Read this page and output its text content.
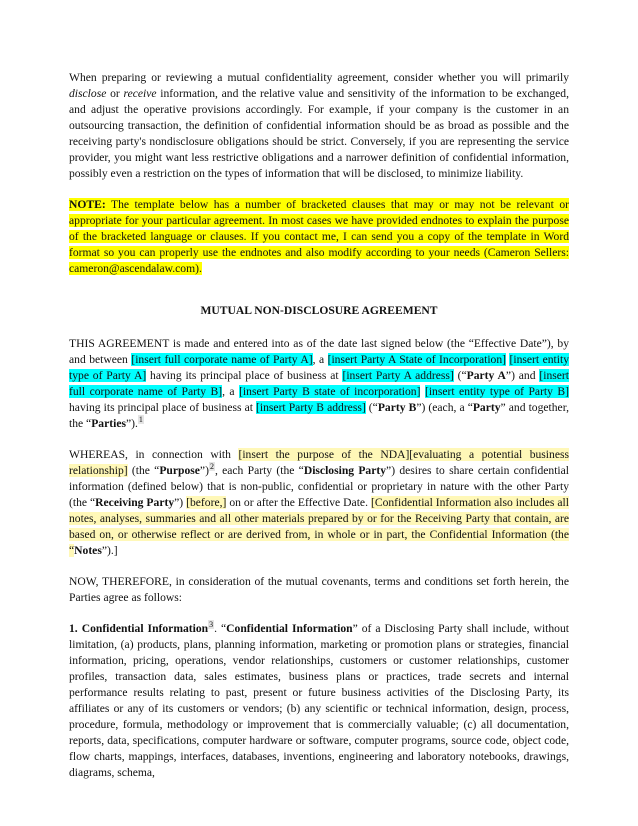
When preparing or reviewing a mutual confidentiality agreement, consider whether you will primarily disclose or receive information, and the relative value and sensitivity of the information to be exchanged, and adjust the operative provisions accordingly. For example, if your company is the customer in an outsourcing transaction, the definition of confidential information should be as broad as possible and the receiving party's nondisclosure obligations should be strict. Conversely, if you are representing the service provider, you might want less restrictive obligations and a narrower definition of confidential information, possibly even a restriction on the types of information that will be disclosed, to minimize liability.

NOTE: The template below has a number of bracketed clauses that may or may not be relevant or appropriate for your particular agreement. In most cases we have provided endnotes to explain the purpose of the bracketed language or clauses. If you contact me, I can send you a copy of the template in Word format so you can properly use the endnotes and also modify according to your needs (Cameron Sellers: cameron@ascendalaw.com).

MUTUAL NON-DISCLOSURE AGREEMENT

THIS AGREEMENT is made and entered into as of the date last signed below (the “Effective Date”), by and between [insert full corporate name of Party A], a [insert Party A State of Incorporation] [insert entity type of Party A] having its principal place of business at [insert Party A address] (“Party A”) and [insert full corporate name of Party B], a [insert Party B state of incorporation] [insert entity type of Party B] having its principal place of business at [insert Party B address] (“Party B”) (each, a “Party” and together, the “Parties”).$^1$

WHEREAS, in connection with [insert the purpose of the NDA][evaluating a potential business relationship] (the “Purpose”)$^2$, each Party (the “Disclosing Party”) desires to share certain confidential information (defined below) that is non-public, confidential or proprietary in nature with the other Party (the “Receiving Party”) [before,] on or after the Effective Date. [Confidential Information also includes all notes, analyses, summaries and all other materials prepared by or for the Receiving Party that contain, are based on, or otherwise reflect or are derived from, in whole or in part, the Confidential Information (the “Notes”).]

NOW, THEREFORE, in consideration of the mutual covenants, terms and conditions set forth herein, the Parties agree as follows:

1. Confidential Information$^3$. “Confidential Information” of a Disclosing Party shall include, without limitation, (a) products, plans, planning information, marketing or promotion plans or strategies, financial information, pricing, operations, vendor relationships, customers or customer relationships, customer profiles, transaction data, sales estimates, business plans or practices, trade secrets and internal performance results relating to past, present or future business activities of the Disclosing Party, its affiliates or any of its customers or vendors; (b) any scientific or technical information, design, process, procedure, formula, methodology or improvement that is commercially valuable; (c) all documentation, reports, data, specifications, computer hardware or software, computer programs, source code, object code, flow charts, mappings, interfaces, databases, inventions, engineering and laboratory notebooks, drawings, diagrams, schema,
